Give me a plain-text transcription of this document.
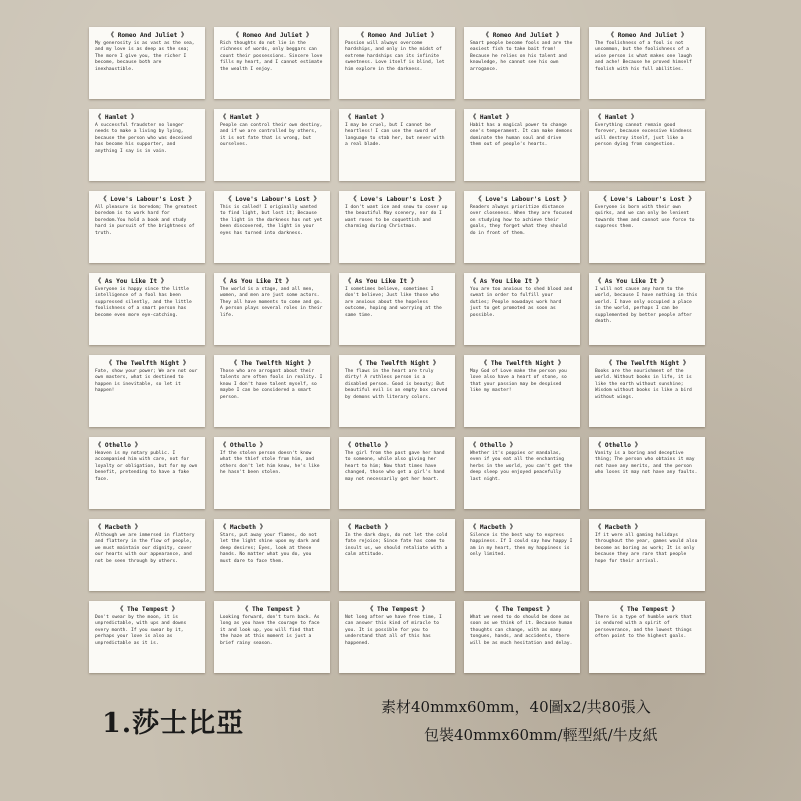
《 Romeo And Juliet 》
My generosity is as vast as the sea, and my love is as deep as the sea; The more I give you, the richer I become, because both are inexhaustible.
《 Romeo And Juliet 》
Rich thoughts do not lie in the richness of words, only beggars can count their possessions. Sincere love fills my heart, and I cannot estimate the wealth I enjoy.
《 Romeo And Juliet 》
Passion will always overcome hardships, and only in the midst of extreme hardships can its infinite sweetness. Love itself is blind, let him explore in the darkness.
《 Romeo And Juliet 》
Smart people become fools and are the easiest fish to take bait from! Because he relies on his talent and knowledge, he cannot see his own arrogance.
《 Romeo And Juliet 》
The foolishness of a fool is not uncommon, but the foolishness of a wise person is what makes one laugh and ache! Because he proved himself foolish with his full abilities.
《 Hamlet 》
A successful fraudster no longer needs to make a living by lying, because the person who was deceived has become his supporter, and anything I say is in vain.
《 Hamlet 》
People can control their own destiny, and if we are controlled by others, it is not fate that is wrong, but ourselves.
《 Hamlet 》
I may be cruel, but I cannot be heartless! I can use the sword of language to stab her, but never with a real blade.
《 Hamlet 》
Habit has a magical power to change one's temperament. It can make demons dominate the human soul and drive them out of people's hearts.
《 Hamlet 》
Everything cannot remain good forever, because excessive kindness will destroy itself, just like a person dying from congestion.
《 Love's Labour's Lost 》
All pleasure is boredom; The greatest boredom is to work hard for boredom.You hold a book and study hard in pursuit of the brightness of truth.
《 Love's Labour's Lost 》
This is called! I originally wanted to find light, but lost it; Because the light in the darkness has not yet been discovered, the light in your eyes has turned into darkness.
《 Love's Labour's Lost 》
I don't want ice and snow to cover up the beautiful May scenery, nor do I want roses to be coquettish and charming during Christmas.
《 Love's Labour's Lost 》
Readers always prioritize distance over closeness. When they are focused on studying how to achieve their goals, they forget what they should do in front of them.
《 Love's Labour's Lost 》
Everyone is born with their own quirks, and we can only be lenient towards them and cannot use force to suppress them.
《 As You Like It 》
Everyone is happy since the little intelligence of a fool has been suppressed silently, and the little foolishness of a smart person has become even more eye-catching.
《 As You Like It 》
The world is a stage, and all men, women, and men are just some actors. They all have moments to come and go. A person plays several roles in their life.
《 As You Like It 》
I sometimes believe, sometimes I don't believe; Just like those who are anxious about the hopeless outcome, hoping and worrying at the same time.
《 As You Like It 》
You are too anxious to shed blood and sweat in order to fulfill your duties; People nowadays work hard just to get promoted as soon as possible.
《 As You Like It 》
I will not cause any harm to the world, because I have nothing in this world. I have only occupied a place in the world, perhaps I can be supplemented by better people after death.
《 The Twelfth Night 》
Fate, show your power; We are not our own masters, what is destined to happen is inevitable, so let it happen!
《 The Twelfth Night 》
Those who are arrogant about their talents are often fools in reality. I know I don't have talent myself, so maybe I can be considered a smart person.
《 The Twelfth Night 》
The flaws in the heart are truly dirty! A ruthless person is a disabled person. Good is beauty; But beautiful evil is an empty box carved by demons with literary colors.
《 The Twelfth Night 》
May God of Love make the person you love also have a heart of stone, so that your passion may be despised like my master!
《 The Twelfth Night 》
Books are the nourishment of the world. Without books in life, it is like the earth without sunshine; Wisdom without books is like a bird without wings.
《 Othello 》
Heaven is my notary public. I accompanied him with care, not for loyalty or obligation, but for my own benefit, pretending to have a fake face.
《 Othello 》
If the stolen person doesn't know what the thief stole from him, and others don't let him know, he's like he hasn't been stolen.
《 Othello 》
The girl from the past gave her hand to someone, while also giving her heart to him; Now that times have changed, those who get a girl's hand may not necessarily get her heart.
《 Othello 》
Whether it's poppies or mandalas, even if you eat all the enchanting herbs in the world, you can't get the deep sleep you enjoyed peacefully last night.
《 Othello 》
Vanity is a boring and deceptive thing; The person who obtains it may not have any merits, and the person who loses it may not have any faults.
《 Macbeth 》
Although we are immersed in flattery and flattery in the flow of people, we must maintain our dignity, cover our hearts with our appearance, and not be seen through by others.
《 Macbeth 》
Stars, put away your flames, do not let the light shine upon my dark and deep desires; Eyes, look at these hands. No matter what you do, you must dare to face them.
《 Macbeth 》
In the dark days, do not let the cold fate rejoice; Since fate has come to insult us, we should retaliate with a calm attitude.
《 Macbeth 》
Silence is the best way to express happiness. If I could say how happy I am in my heart, then my happiness is only limited.
《 Macbeth 》
If it were all gaming holidays throughout the year, games would also become as boring as work; It is only because they are rare that people hope for their arrival.
《 The Tempest 》
Don't swear by the moon, it is unpredictable, with ups and downs every month. If you swear by it, perhaps your love is also as unpredictable as it is.
《 The Tempest 》
Looking forward, don't turn back. As long as you have the courage to face it and look up, you will find that the haze at this moment is just a brief rainy season.
《 The Tempest 》
Not long after we have free time, I can answer this kind of miracle to you. It is possible for you to understand that all of this has happened.
《 The Tempest 》
What we need to do should be done as soon as we think of it. Because human thoughts can change, with as many tongues, hands, and accidents, there will be as much hesitation and delay.
《 The Tempest 》
There is a type of humble work that is endured with a spirit of perseverance, and the lowest things often point to the highest goals.
1.莎士比亞
素材40mmx60mm，40圖x2/共80張入
包裝40mmx60mm/輕型紙/牛皮紙
